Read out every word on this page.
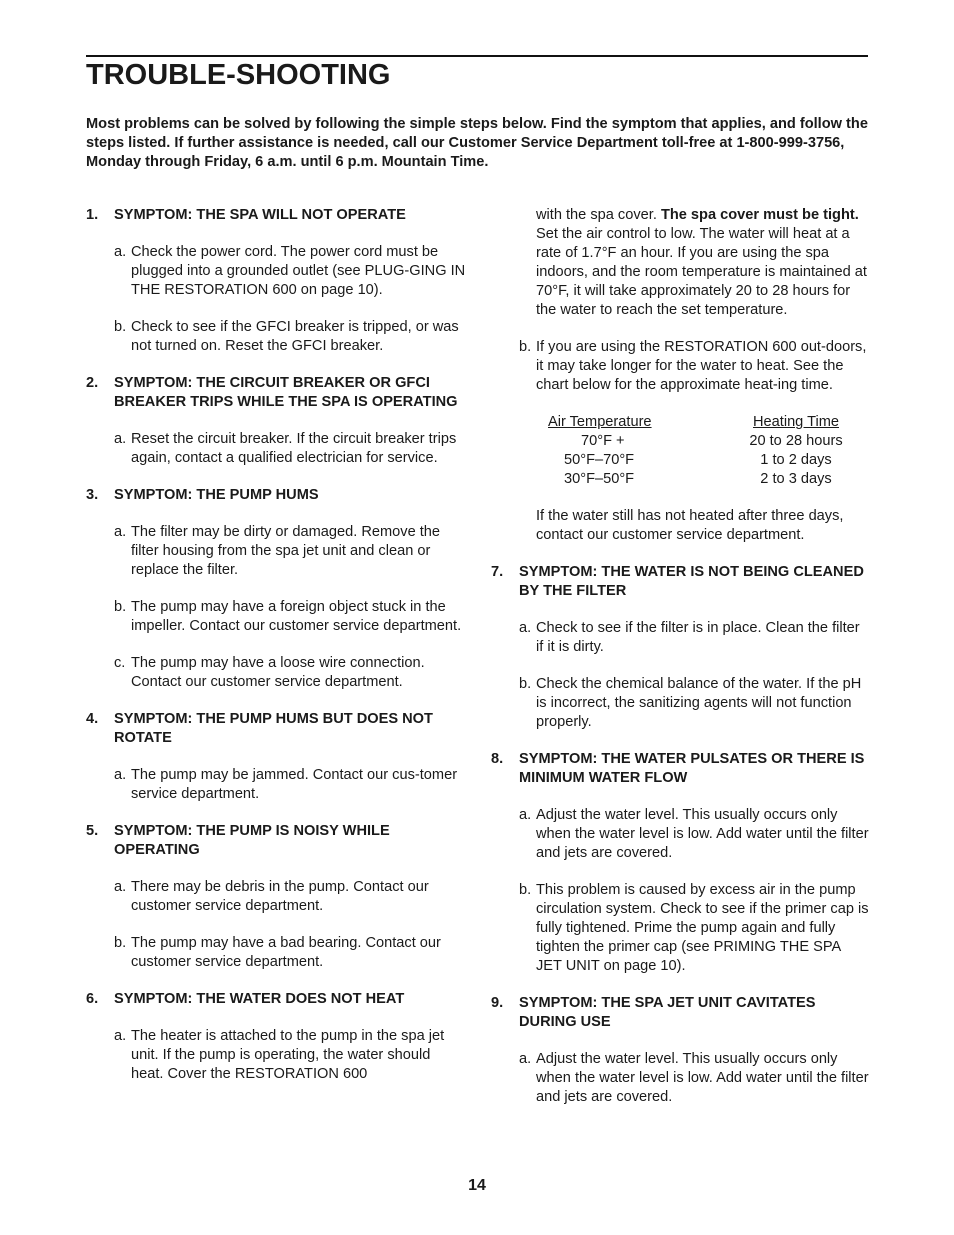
TROUBLE-SHOOTING
Most problems can be solved by following the simple steps below. Find the symptom that applies, and follow the steps listed. If further assistance is needed, call our Customer Service Department toll-free at 1-800-999-3756, Monday through Friday, 6 a.m. until 6 p.m. Mountain Time.
1. SYMPTOM: THE SPA WILL NOT OPERATE
a. Check the power cord. The power cord must be plugged into a grounded outlet (see PLUG-GING IN THE RESTORATION 600 on page 10).
b. Check to see if the GFCI breaker is tripped, or was not turned on. Reset the GFCI breaker.
2. SYMPTOM: THE CIRCUIT BREAKER OR GFCI BREAKER TRIPS WHILE THE SPA IS OPERATING
a. Reset the circuit breaker. If the circuit breaker trips again, contact a qualified electrician for service.
3. SYMPTOM: THE PUMP HUMS
a. The filter may be dirty or damaged. Remove the filter housing from the spa jet unit and clean or replace the filter.
b. The pump may have a foreign object stuck in the impeller. Contact our customer service department.
c. The pump may have a loose wire connection. Contact our customer service department.
4. SYMPTOM: THE PUMP HUMS BUT DOES NOT ROTATE
a. The pump may be jammed. Contact our cus-tomer service department.
5. SYMPTOM: THE PUMP IS NOISY WHILE OPERATING
a. There may be debris in the pump. Contact our customer service department.
b. The pump may have a bad bearing. Contact our customer service department.
6. SYMPTOM: THE WATER DOES NOT HEAT
a. The heater is attached to the pump in the spa jet unit. If the pump is operating, the water should heat. Cover the RESTORATION 600
with the spa cover. The spa cover must be tight. Set the air control to low. The water will heat at a rate of 1.7°F an hour. If you are using the spa indoors, and the room temperature is maintained at 70°F, it will take approximately 20 to 28 hours for the water to reach the set temperature.
b. If you are using the RESTORATION 600 out-doors, it may take longer for the water to heat. See the chart below for the approximate heat-ing time.
Air Temperature	Heating Time
70°F +	20 to 28 hours
50°F–70°F	1 to 2 days
30°F–50°F	2 to 3 days
If the water still has not heated after three days, contact our customer service department.
7. SYMPTOM: THE WATER IS NOT BEING CLEANED BY THE FILTER
a. Check to see if the filter is in place. Clean the filter if it is dirty.
b. Check the chemical balance of the water. If the pH is incorrect, the sanitizing agents will not function properly.
8. SYMPTOM: THE WATER PULSATES OR THERE IS MINIMUM WATER FLOW
a. Adjust the water level. This usually occurs only when the water level is low. Add water until the filter and jets are covered.
b. This problem is caused by excess air in the pump circulation system. Check to see if the primer cap is fully tightened. Prime the pump again and fully tighten the primer cap (see PRIMING THE SPA JET UNIT on page 10).
9. SYMPTOM: THE SPA JET UNIT CAVITATES DURING USE
a. Adjust the water level. This usually occurs only when the water level is low. Add water until the filter and jets are covered.
14
